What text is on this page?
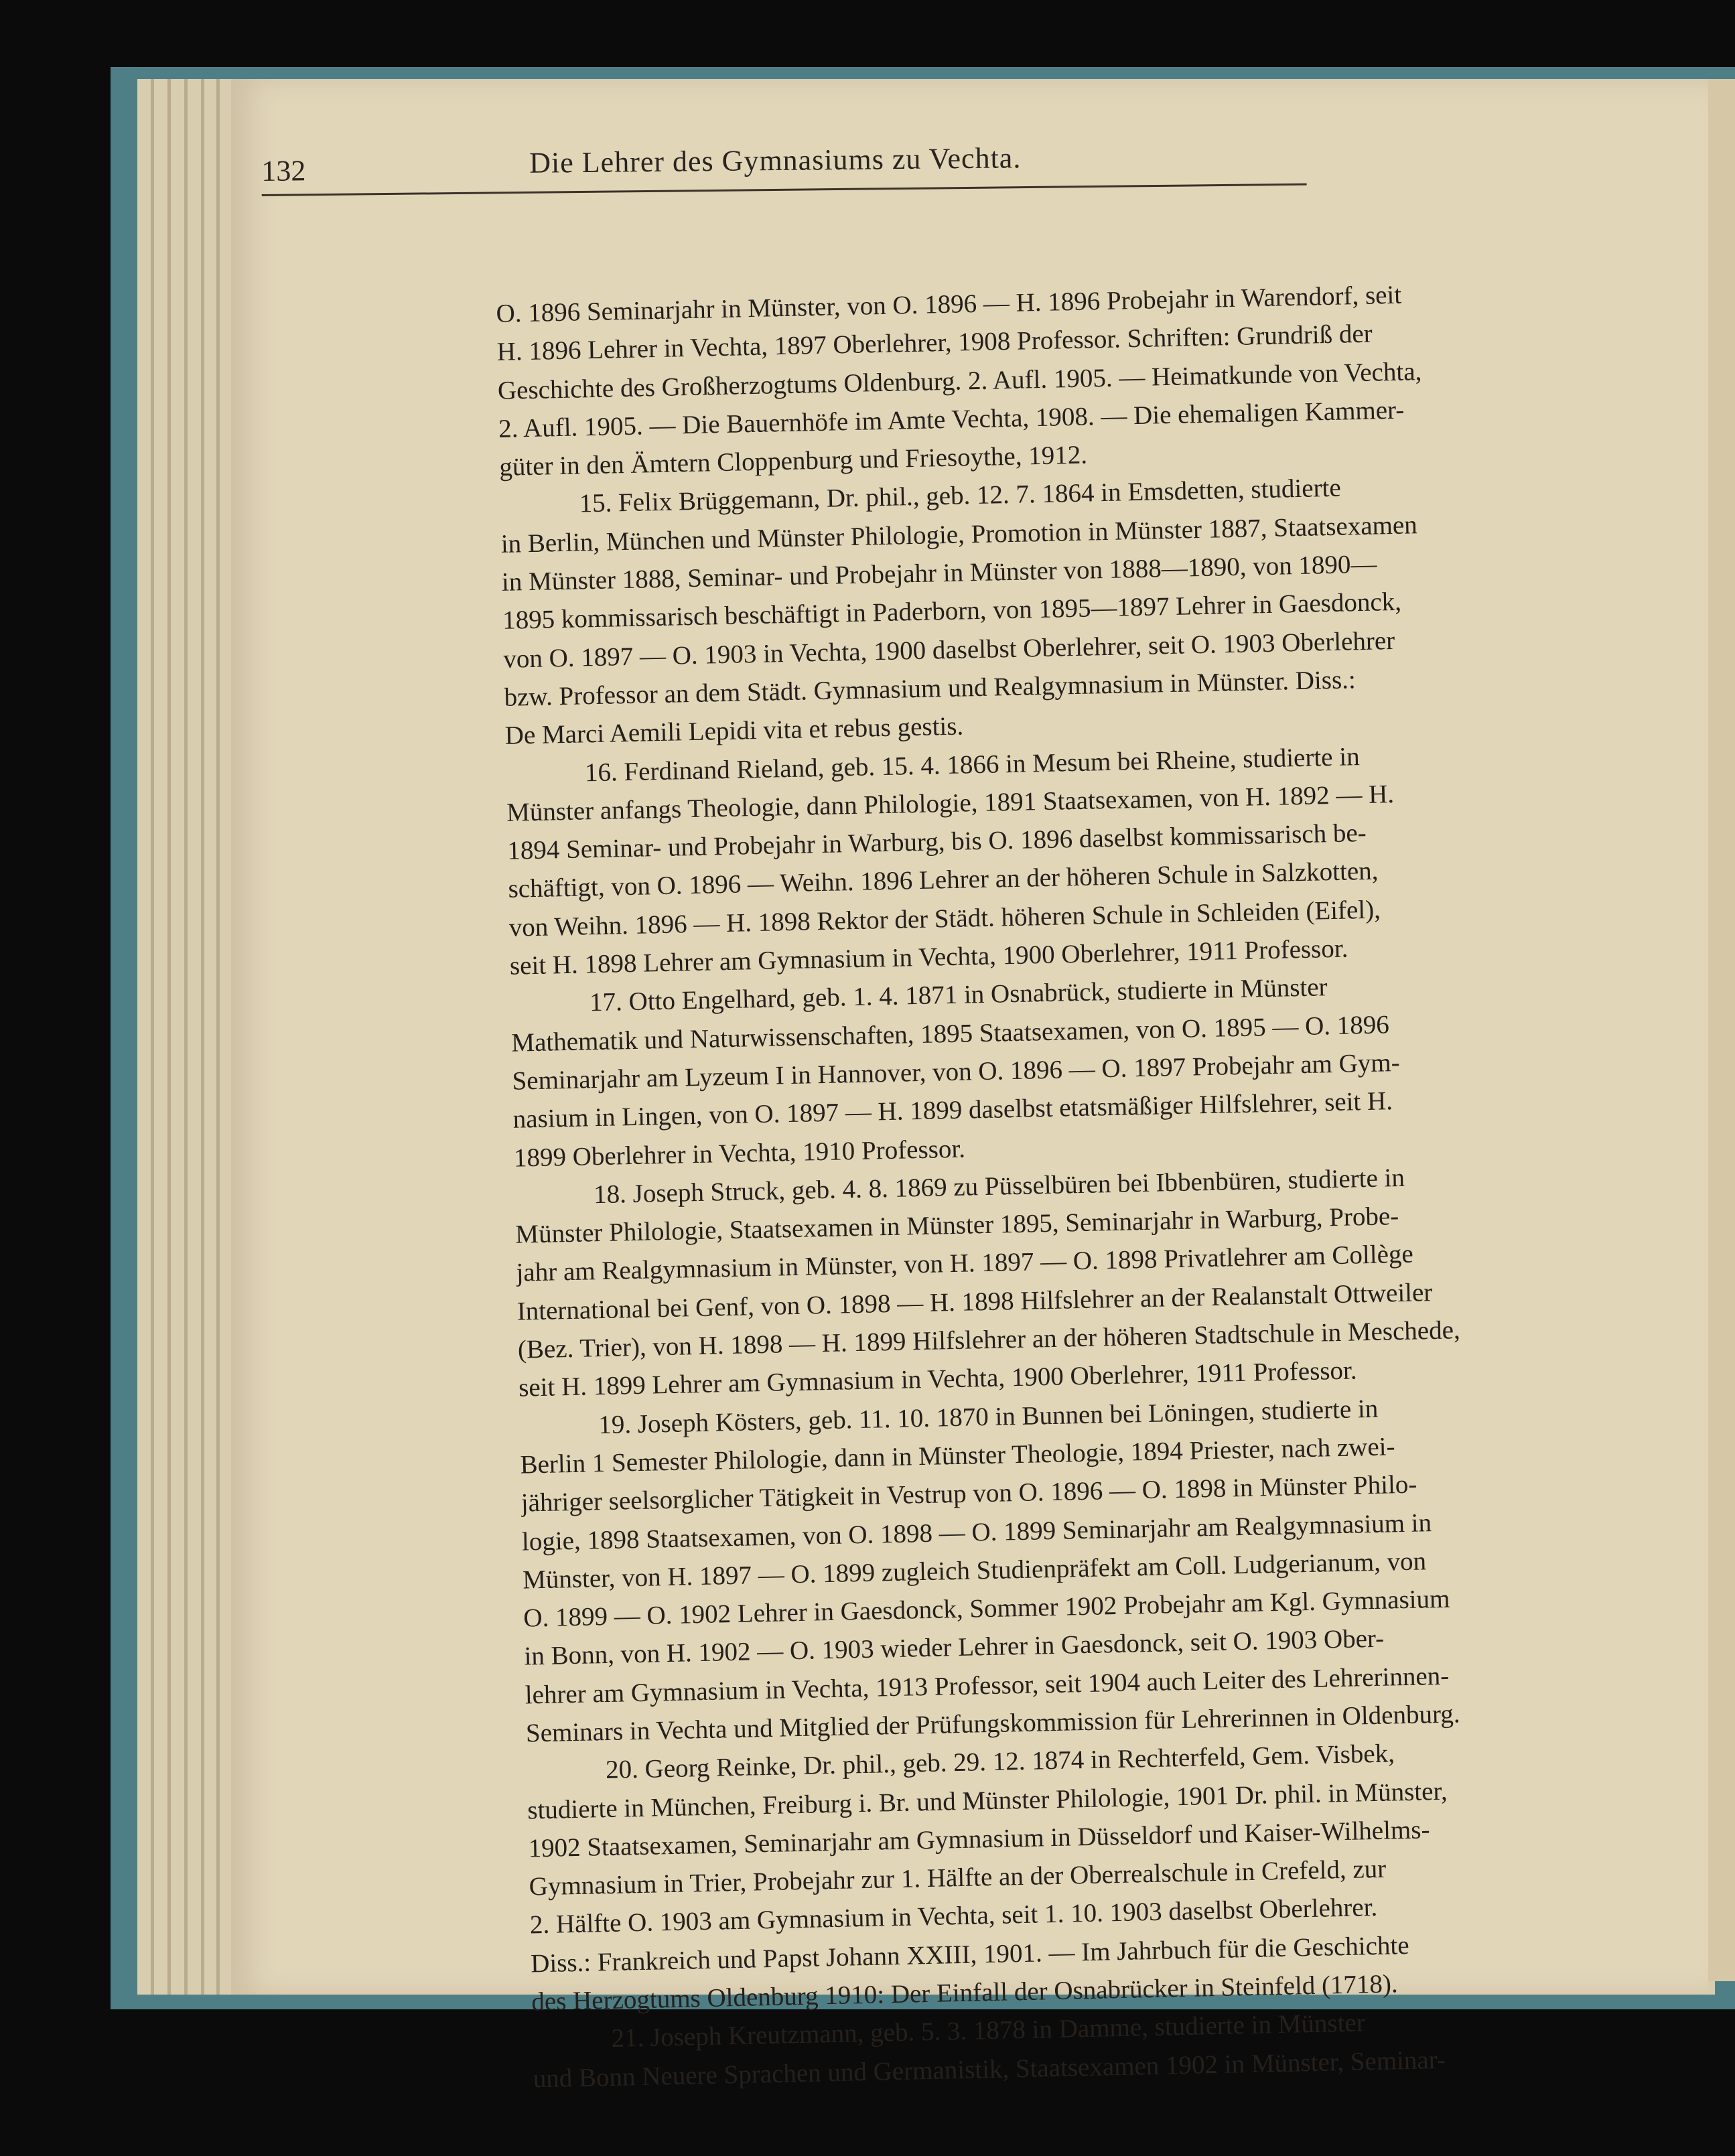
132	Die Lehrer des Gymnasiums zu Vechta.
O. 1896 Seminarjahr in Münster, von O. 1896 — H. 1896 Probejahr in Warendorf, seit
H. 1896 Lehrer in Vechta, 1897 Oberlehrer, 1908 Professor. Schriften: Grundriß der
Geschichte des Großherzogtums Oldenburg. 2. Aufl. 1905. — Heimatkunde von Vechta,
2. Aufl. 1905. — Die Bauernhöfe im Amte Vechta, 1908. — Die ehemaligen Kammer-
güter in den Ämtern Cloppenburg und Friesoythe, 1912.
15. Felix Brüggemann, Dr. phil., geb. 12. 7. 1864 in Emsdetten, studierte
in Berlin, München und Münster Philologie, Promotion in Münster 1887, Staatsexamen
in Münster 1888, Seminar- und Probejahr in Münster von 1888—1890, von 1890—
1895 kommissarisch beschäftigt in Paderborn, von 1895—1897 Lehrer in Gaesdonck,
von O. 1897 — O. 1903 in Vechta, 1900 daselbst Oberlehrer, seit O. 1903 Oberlehrer
bzw. Professor an dem Städt. Gymnasium und Realgymnasium in Münster. Diss.:
De Marci Aemili Lepidi vita et rebus gestis.
16. Ferdinand Rieland, geb. 15. 4. 1866 in Mesum bei Rheine, studierte in
Münster anfangs Theologie, dann Philologie, 1891 Staatsexamen, von H. 1892 — H.
1894 Seminar- und Probejahr in Warburg, bis O. 1896 daselbst kommissarisch be-
schäftigt, von O. 1896 — Weihn. 1896 Lehrer an der höheren Schule in Salzkotten,
von Weihn. 1896 — H. 1898 Rektor der Städt. höheren Schule in Schleiden (Eifel),
seit H. 1898 Lehrer am Gymnasium in Vechta, 1900 Oberlehrer, 1911 Professor.
17. Otto Engelhard, geb. 1. 4. 1871 in Osnabrück, studierte in Münster
Mathematik und Naturwissenschaften, 1895 Staatsexamen, von O. 1895 — O. 1896
Seminarjahr am Lyzeum I in Hannover, von O. 1896 — O. 1897 Probejahr am Gym-
nasium in Lingen, von O. 1897 — H. 1899 daselbst etatsmäßiger Hilfslehrer, seit H.
1899 Oberlehrer in Vechta, 1910 Professor.
18. Joseph Struck, geb. 4. 8. 1869 zu Püsselbüren bei Ibbenbüren, studierte in
Münster Philologie, Staatsexamen in Münster 1895, Seminarjahr in Warburg, Probe-
jahr am Realgymnasium in Münster, von H. 1897 — O. 1898 Privatlehrer am Collège
International bei Genf, von O. 1898 — H. 1898 Hilfslehrer an der Realanstalt Ottweiler
(Bez. Trier), von H. 1898 — H. 1899 Hilfslehrer an der höheren Stadtschule in Meschede,
seit H. 1899 Lehrer am Gymnasium in Vechta, 1900 Oberlehrer, 1911 Professor.
19. Joseph Kösters, geb. 11. 10. 1870 in Bunnen bei Löningen, studierte in
Berlin 1 Semester Philologie, dann in Münster Theologie, 1894 Priester, nach zwei-
jähriger seelsorglicher Tätigkeit in Vestrup von O. 1896 — O. 1898 in Münster Philo-
logie, 1898 Staatsexamen, von O. 1898 — O. 1899 Seminarjahr am Realgymnasium in
Münster, von H. 1897 — O. 1899 zugleich Studienpräfekt am Coll. Ludgerianum, von
O. 1899 — O. 1902 Lehrer in Gaesdonck, Sommer 1902 Probejahr am Kgl. Gymnasium
in Bonn, von H. 1902 — O. 1903 wieder Lehrer in Gaesdonck, seit O. 1903 Ober-
lehrer am Gymnasium in Vechta, 1913 Professor, seit 1904 auch Leiter des Lehrerinnen-
Seminars in Vechta und Mitglied der Prüfungskommission für Lehrerinnen in Oldenburg.
20. Georg Reinke, Dr. phil., geb. 29. 12. 1874 in Rechterfeld, Gem. Visbek,
studierte in München, Freiburg i. Br. und Münster Philologie, 1901 Dr. phil. in Münster,
1902 Staatsexamen, Seminarjahr am Gymnasium in Düsseldorf und Kaiser-Wilhelms-
Gymnasium in Trier, Probejahr zur 1. Hälfte an der Oberrealschule in Crefeld, zur
2. Hälfte O. 1903 am Gymnasium in Vechta, seit 1. 10. 1903 daselbst Oberlehrer.
Diss.: Frankreich und Papst Johann XXIII, 1901. — Im Jahrbuch für die Geschichte
des Herzogtums Oldenburg 1910: Der Einfall der Osnabrücker in Steinfeld (1718).
21. Joseph Kreutzmann, geb. 5. 3. 1878 in Damme, studierte in Münster
und Bonn Neuere Sprachen und Germanistik, Staatsexamen 1902 in Münster, Seminar-
